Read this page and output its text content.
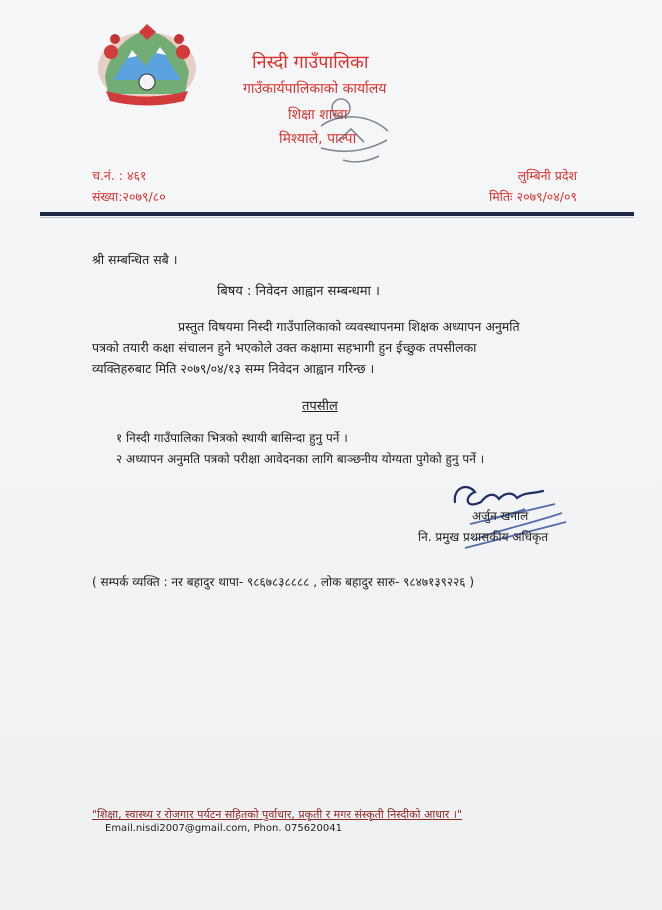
निस्दी गाउँपालिका
गाउँकार्यपालिकाको कार्यालय
शिक्षा शाखा
मिश्याले, पाल्पा
च.नं. : ४६१
संख्या:२०७९/८०
लुम्बिनी प्रदेश
मितिः २०७९/०४/०९
श्री सम्बन्धित सबै ।
बिषय : निवेदन आह्वान सम्बन्धमा ।
प्रस्तुत विषयमा निस्दी गाउँपालिकाको व्यवस्थापनमा शिक्षक अध्यापन अनुमति
पत्रको तयारी कक्षा संचालन हुने भएकोले उक्त कक्षामा सहभागी हुन ईच्छुक तपसीलका
व्यक्तिहरुबाट मिति २०७९/०४/१३ सम्म निवेदन आह्वान गरिन्छ ।
तपसील
१ निस्दी गाउँपालिका भित्रको स्थायी बासिन्दा हुनु पर्ने ।
२ अध्यापन अनुमति पत्रको परीक्षा आवेदनका लागि बाञ्छनीय योग्यता पुगेको हुनु पर्ने ।
अर्जुन खनाल
नि. प्रमुख प्रशासकीय अधिकृत
( सम्पर्क व्यक्ति : नर बहादुर थापा- ९८६७८३८८८८ , लोक बहादुर सारु- ९८४७१३९२२६ )
"शिक्षा, स्वास्थ्य र रोजगार पर्यटन सहितको पुर्वाधार, प्रकृती र मगर संस्कृती निस्दीको आधार ।"
Email.nisdi2007@gmail.com, Phon. 075620041
